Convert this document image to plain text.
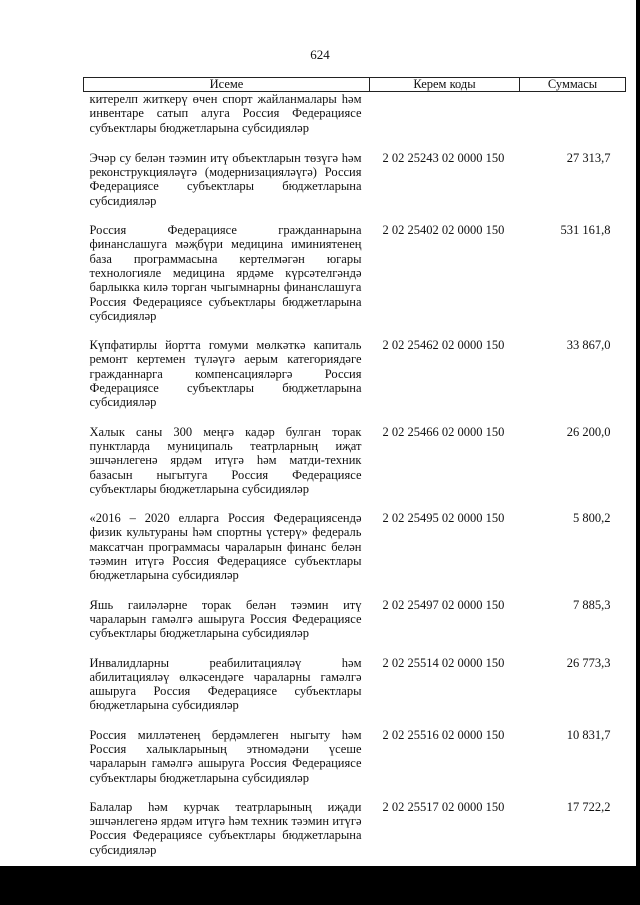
624
Исеме	Керем коды	Суммасы
китерелп житкерү өчен спорт жайланмалары һәм инвентаре сатып алуга Россия Федерациясе субъектлары бюджетларына субсидияләр		
Эчәр су белән тәэмин итү объектларын төзүгә һәм реконструкцияләүгә (модернизацияләүгә) Россия Федерациясе субъектлары бюджетларына субсидияләр	2 02 25243 02 0000 150	27 313,7
Россия Федерациясе гражданнарына финанслашуга мәҗбүри медицина иминиятенең база программасына кертелмәгән югары технологияле медицина ярдәме күрсәтелгәндә барлыкка килә торган чыгымнарны финанслашуга Россия Федерациясе субъектлары бюджетларына субсидияләр	2 02 25402 02 0000 150	531 161,8
Күпфатирлы йортта гомуми мөлкәткә капиталь ремонт кертемен түләүгә аерым категориядәге гражданнарга компенсацияләргә Россия Федерациясе субъектлары бюджетларына субсидияләр	2 02 25462 02 0000 150	33 867,0
Халык саны 300 меңгә кадәр булган торак пунктларда муниципаль театрларның иҗат эшчәнлегенә ярдәм итүгә һәм матди-техник базасын ныгытуга Россия Федерациясе субъектлары бюджетларына субсидияләр	2 02 25466 02 0000 150	26 200,0
«2016 – 2020 елларга Россия Федерациясендә физик культураны һәм спортны үстерү» федераль максатчан программасы чараларын финанс белән тәэмин итүгә Россия Федерациясе субъектлары бюджетларына субсидияләр	2 02 25495 02 0000 150	5 800,2
Яшь гаиләләрне торак белән тәэмин итү чараларын гамәлгә ашыруга Россия Федерациясе субъектлары бюджетларына субсидияләр	2 02 25497 02 0000 150	7 885,3
Инвалидларны реабилитацияләү һәм абилитацияләү өлкәсендәге чараларны гамәлгә ашыруга Россия Федерациясе субъектлары бюджетларына субсидияләр	2 02 25514 02 0000 150	26 773,3
Россия милләтенең бердәмлеген ныгыту һәм Россия халыкларының этномәдәни үсеше чараларын гамәлгә ашыруга Россия Федерациясе субъектлары бюджетларына субсидияләр	2 02 25516 02 0000 150	10 831,7
Балалар һәм курчак театрларының иҗади эшчәнлегенә ярдәм итүгә һәм техник тәэмин итүгә Россия Федерациясе субъектлары бюджетларына субсидияләр	2 02 25517 02 0000 150	17 722,2
